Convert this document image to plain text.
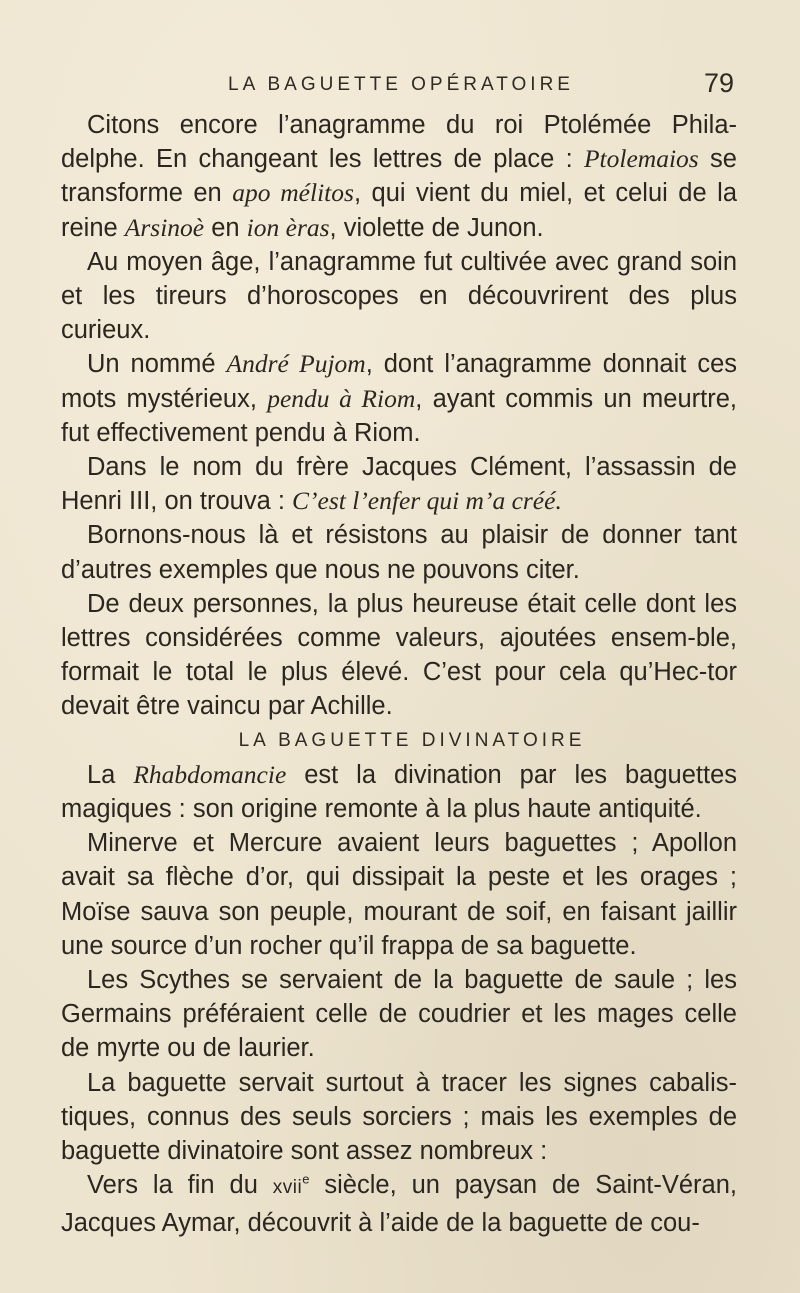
LA BAGUETTE OPÉRATOIRE	79

Citons encore l’anagramme du roi Ptolémée Phila-delphe. En changeant les lettres de place : Ptolemaios se transforme en apo mélitos, qui vient du miel, et celui de la reine Arsinoè en ion èras, violette de Junon.

Au moyen âge, l’anagramme fut cultivée avec grand soin et les tireurs d’horoscopes en découvrirent des plus curieux.

Un nommé André Pujom, dont l’anagramme donnait ces mots mystérieux, pendu à Riom, ayant commis un meurtre, fut effectivement pendu à Riom.

Dans le nom du frère Jacques Clément, l’assassin de Henri III, on trouva : C’est l’enfer qui m’a créé.

Bornons-nous là et résistons au plaisir de donner tant d’autres exemples que nous ne pouvons citer.

De deux personnes, la plus heureuse était celle dont les lettres considérées comme valeurs, ajoutées ensem-ble, formait le total le plus élevé. C’est pour cela qu’Hec-tor devait être vaincu par Achille.

LA BAGUETTE DIVINATOIRE

La Rhabdomancie est la divination par les baguettes magiques : son origine remonte à la plus haute antiquité.

Minerve et Mercure avaient leurs baguettes ; Apollon avait sa flèche d’or, qui dissipait la peste et les orages ; Moïse sauva son peuple, mourant de soif, en faisant jaillir une source d’un rocher qu’il frappa de sa baguette.

Les Scythes se servaient de la baguette de saule ; les Germains préféraient celle de coudrier et les mages celle de myrte ou de laurier.

La baguette servait surtout à tracer les signes cabalis-tiques, connus des seuls sorciers ; mais les exemples de baguette divinatoire sont assez nombreux :

Vers la fin du xvii$^e$ siècle, un paysan de Saint-Véran, Jacques Aymar, découvrit à l’aide de la baguette de cou-
